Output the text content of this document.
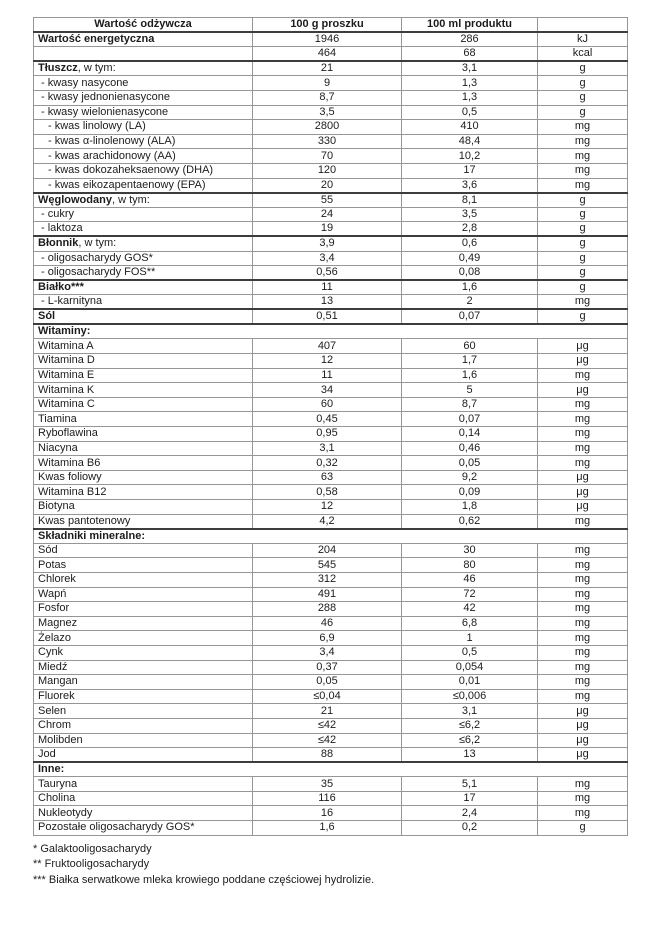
Wartość odżywcza	100 g proszku	100 ml produktu	
Wartość energetyczna	1946	286	kJ
	464	68	kcal
Tłuszcz, w tym:	21	3,1	g
- kwasy nasycone	9	1,3	g
- kwasy jednonienasycone	8,7	1,3	g
- kwasy wielonienasycone	3,5	0,5	g
- kwas linolowy (LA)	2800	410	mg
- kwas α-linolenowy (ALA)	330	48,4	mg
- kwas arachidonowy (AA)	70	10,2	mg
- kwas dokozaheksaenowy (DHA)	120	17	mg
- kwas eikozapentaenowy (EPA)	20	3,6	mg
Węglowodany, w tym:	55	8,1	g
- cukry	24	3,5	g
- laktoza	19	2,8	g
Błonnik, w tym:	3,9	0,6	g
- oligosacharydy GOS*	3,4	0,49	g
- oligosacharydy FOS**	0,56	0,08	g
Białko***	11	1,6	g
- L-karnityna	13	2	mg
Sól	0,51	0,07	g
Witaminy:			
Witamina A	407	60	μg
Witamina D	12	1,7	μg
Witamina E	11	1,6	mg
Witamina K	34	5	μg
Witamina C	60	8,7	mg
Tiamina	0,45	0,07	mg
Ryboflawina	0,95	0,14	mg
Niacyna	3,1	0,46	mg
Witamina B6	0,32	0,05	mg
Kwas foliowy	63	9,2	μg
Witamina B12	0,58	0,09	μg
Biotyna	12	1,8	μg
Kwas pantotenowy	4,2	0,62	mg
Składniki mineralne:			
Sód	204	30	mg
Potas	545	80	mg
Chlorek	312	46	mg
Wapń	491	72	mg
Fosfor	288	42	mg
Magnez	46	6,8	mg
Żelazo	6,9	1	mg
Cynk	3,4	0,5	mg
Miedź	0,37	0,054	mg
Mangan	0,05	0,01	mg
Fluorek	≤0,04	≤0,006	mg
Selen	21	3,1	μg
Chrom	≤42	≤6,2	μg
Molibden	≤42	≤6,2	μg
Jod	88	13	μg
Inne:			
Tauryna	35	5,1	mg
Cholina	116	17	mg
Nukleotydy	16	2,4	mg
Pozostałe oligosacharydy GOS*	1,6	0,2	g
* Galaktooligosacharydy
** Fruktooligosacharydy
*** Białka serwatkowe mleka krowiego poddane częściowej hydrolizie.
